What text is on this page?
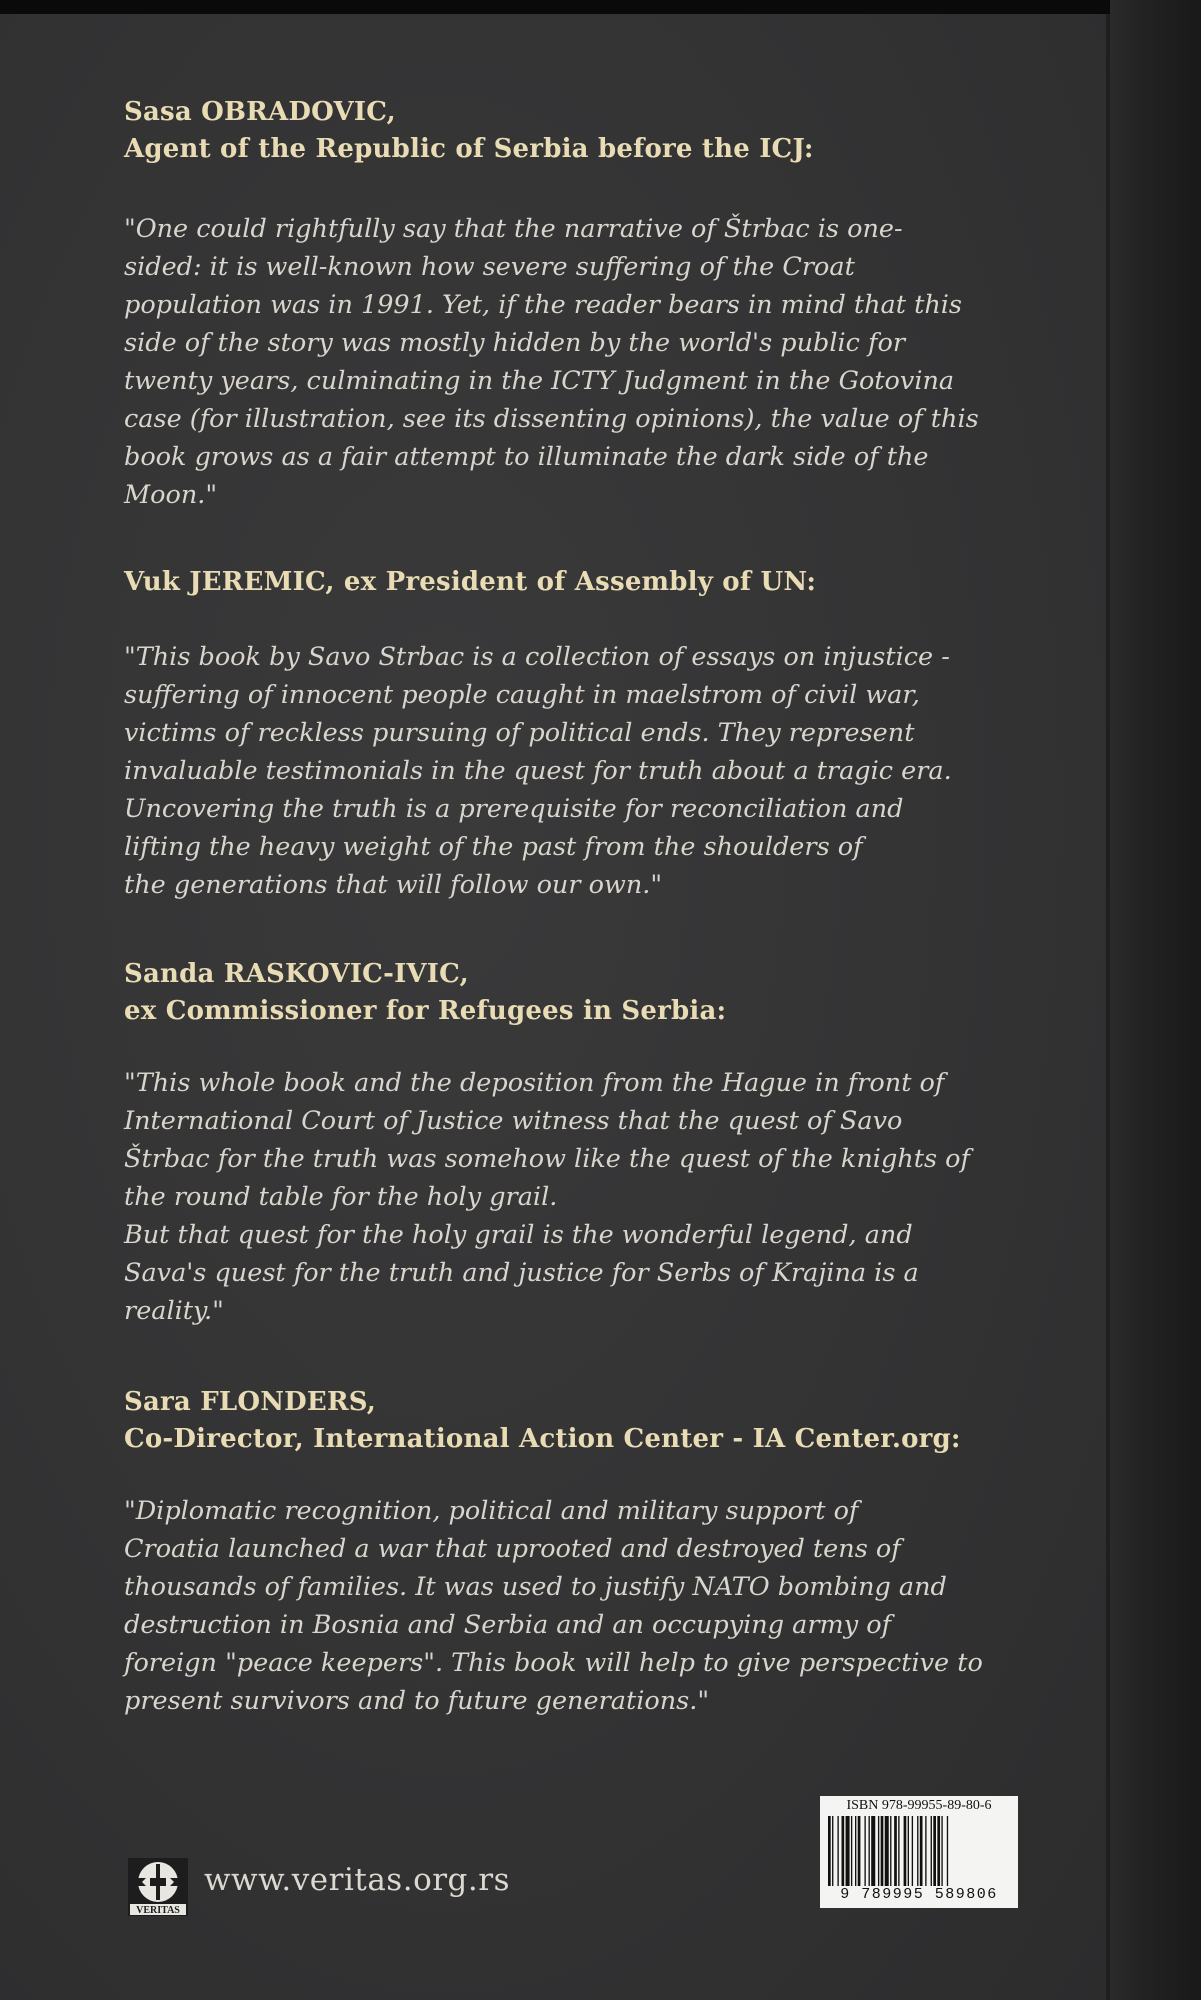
Sasa OBRADOVIC,

Agent of the Republic of Serbia before the ICJ:

"One could rightfully say that the narrative of Štrbac is one-
sided: it is well-known how severe suffering of the Croat
population was in 1991. Yet, if the reader bears in mind that this
side of the story was mostly hidden by the world's public for
twenty years, culminating in the ICTY Judgment in the Gotovina
case (for illustration, see its dissenting opinions), the value of this
book grows as a fair attempt to illuminate the dark side of the
Moon."

Vuk JEREMIC, ex President of Assembly of UN:

"This book by Savo Strbac is a collection of essays on injustice -
suffering of innocent people caught in maelstrom of civil war,
victims of reckless pursuing of political ends. They represent
invaluable testimonials in the quest for truth about a tragic era.
Uncovering the truth is a prerequisite for reconciliation and
lifting the heavy weight of the past from the shoulders of
the generations that will follow our own."

Sanda RASKOVIC-IVIC,

ex Commissioner for Refugees in Serbia:

"This whole book and the deposition from the Hague in front of
International Court of Justice witness that the quest of Savo
Štrbac for the truth was somehow like the quest of the knights of
the round table for the holy grail.
But that quest for the holy grail is the wonderful legend, and
Sava's quest for the truth and justice for Serbs of Krajina is a
reality."

Sara FLONDERS,

Co-Director, International Action Center - IA Center.org:

"Diplomatic recognition, political and military support of
Croatia launched a war that uprooted and destroyed tens of
thousands of families. It was used to justify NATO bombing and
destruction in Bosnia and Serbia and an occupying army of
foreign "peace keepers". This book will help to give perspective to
present survivors and to future generations."

VERITAS
www.veritas.org.rs
ISBN 978-99955-89-80-6
9 789995 589806
